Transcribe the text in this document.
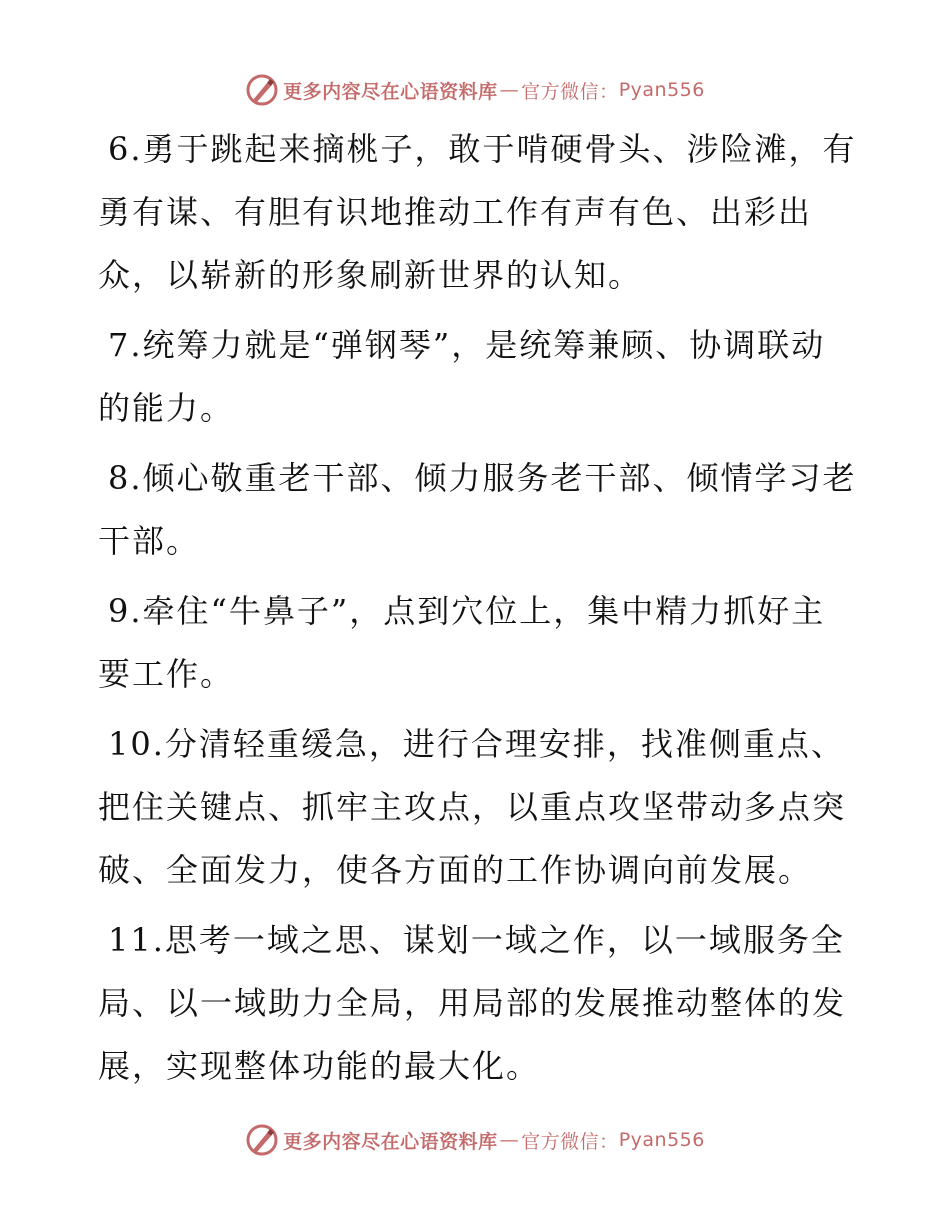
更多内容尽在心语资料库 — 官方微信： Pyan556

6.勇于跳起来摘桃子，敢于啃硬骨头、涉险滩，有勇有谋、有胆有识地推动工作有声有色、出彩出众，以崭新的形象刷新世界的认知。

7.统筹力就是“弹钢琴”，是统筹兼顾、协调联动的能力。

8.倾心敬重老干部、倾力服务老干部、倾情学习老干部。

9.牵住“牛鼻子”，点到穴位上，集中精力抓好主要工作。

10.分清轻重缓急，进行合理安排，找准侧重点、把住关键点、抓牢主攻点，以重点攻坚带动多点突破、全面发力，使各方面的工作协调向前发展。

11.思考一域之思、谋划一域之作，以一域服务全局、以一域助力全局，用局部的发展推动整体的发展，实现整体功能的最大化。

更多内容尽在心语资料库 — 官方微信： Pyan556
